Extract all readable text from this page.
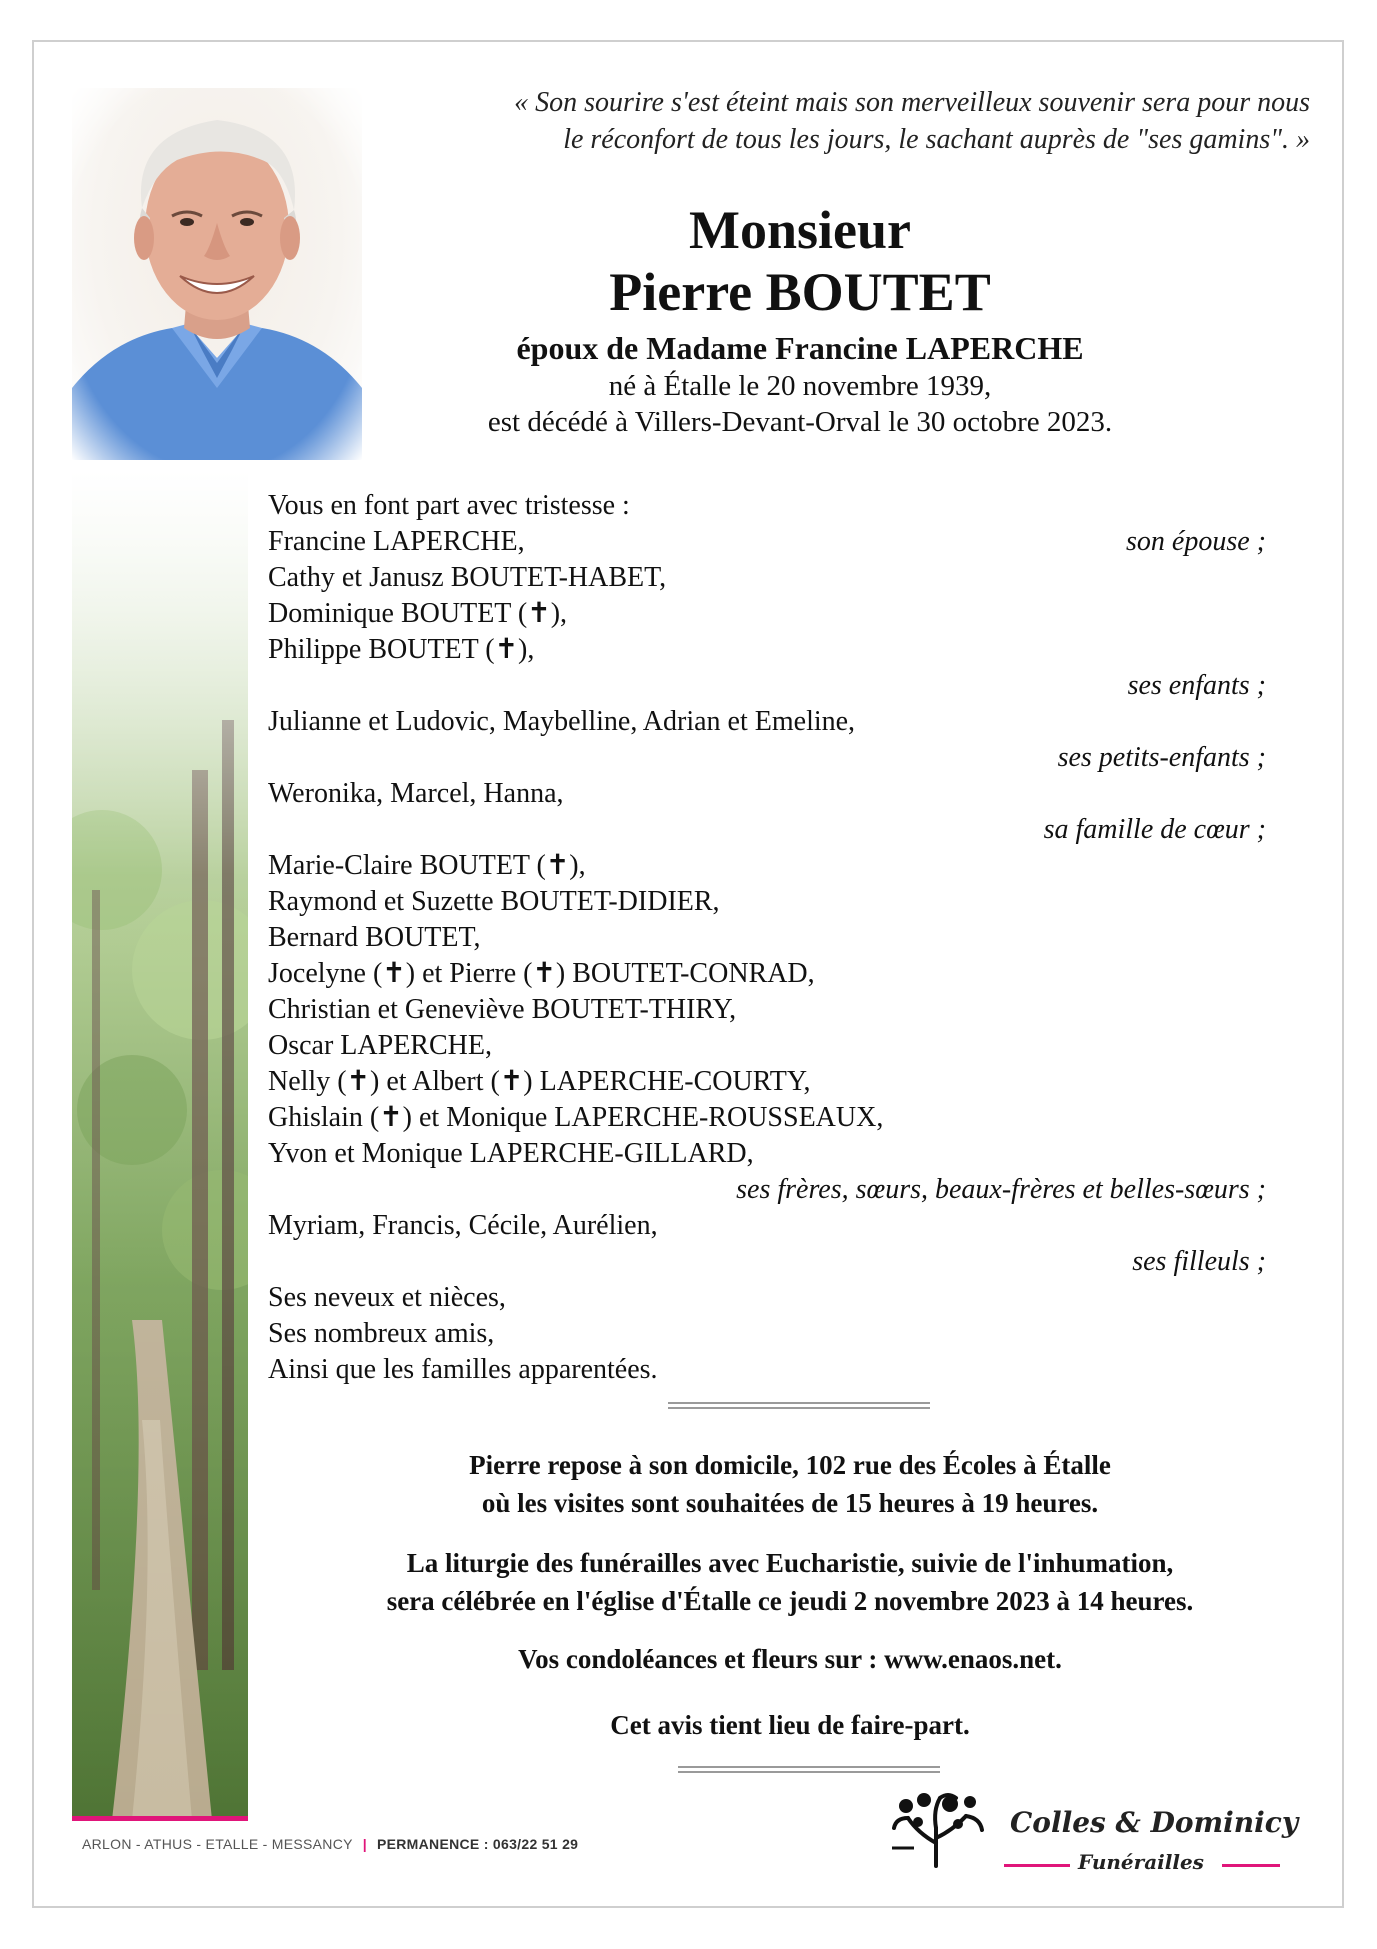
« Son sourire s'est éteint mais son merveilleux souvenir sera pour nous
le réconfort de tous les jours, le sachant auprès de "ses gamins". »
Monsieur
Pierre BOUTET
époux de Madame Francine LAPERCHE
né à Étalle le 20 novembre 1939,
est décédé à Villers-Devant-Orval le 30 octobre 2023.
Vous en font part avec tristesse :
Francine LAPERCHE,	son épouse ;
Cathy et Janusz BOUTET-HABET,
Dominique BOUTET (✝),
Philippe BOUTET (✝),
ses enfants ;
Julianne et Ludovic, Maybelline, Adrian et Emeline,
ses petits-enfants ;
Weronika, Marcel, Hanna,
sa famille de cœur ;
Marie-Claire BOUTET (✝),
Raymond et Suzette BOUTET-DIDIER,
Bernard BOUTET,
Jocelyne (✝) et Pierre (✝) BOUTET-CONRAD,
Christian et Geneviève BOUTET-THIRY,
Oscar LAPERCHE,
Nelly (✝) et Albert (✝) LAPERCHE-COURTY,
Ghislain (✝) et Monique LAPERCHE-ROUSSEAUX,
Yvon et Monique LAPERCHE-GILLARD,
ses frères, sœurs, beaux-frères et belles-sœurs ;
Myriam, Francis, Cécile, Aurélien,
ses filleuls ;
Ses neveux et nièces,
Ses nombreux amis,
Ainsi que les familles apparentées.
Pierre repose à son domicile, 102 rue des Écoles à Étalle
où les visites sont souhaitées de 15 heures à 19 heures.
La liturgie des funérailles avec Eucharistie, suivie de l'inhumation,
sera célébrée en l'église d'Étalle ce jeudi 2 novembre 2023 à 14 heures.
Vos condoléances et fleurs sur : www.enaos.net.
Cet avis tient lieu de faire-part.
ARLON - ATHUS - ETALLE - MESSANCY | PERMANENCE : 063/22 51 29
Colles & Dominicy
Funérailles
